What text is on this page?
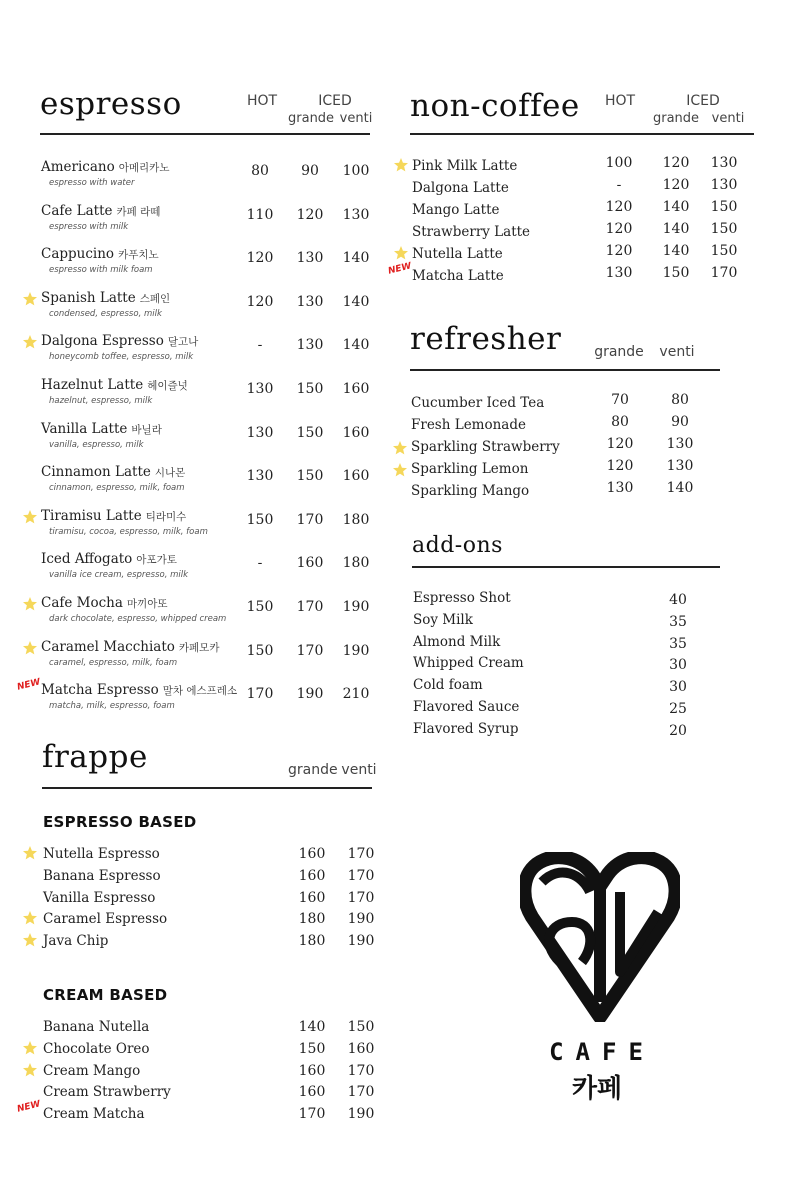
espresso	HOT	ICED
grande venti
Americano 아메리카노
espresso with water
80	90	100
Cafe Latte 카페 라떼
espresso with milk
110	120	130
Cappucino 카푸치노
espresso with milk foam
120	130	140
Spanish Latte 스페인
condensed, espresso, milk
120	130	140
Dalgona Espresso 달고나
honeycomb toffee, espresso, milk
-	130	140
Hazelnut Latte 헤이즐넛
hazelnut, espresso, milk
130	150	160
Vanilla Latte 바닐라
vanilla, espresso, milk
130	150	160
Cinnamon Latte 시나몬
cinnamon, espresso, milk, foam
130	150	160
Tiramisu Latte 티라미수
tiramisu, cocoa, espresso, milk, foam
150	170	180
Iced Affogato 아포가토
vanilla ice cream, espresso, milk
-	160	180
Cafe Mocha 마끼아또
dark chocolate, espresso, whipped cream
150	170	190
Caramel Macchiato 카페모카
caramel, espresso, milk, foam
150	170	190
Matcha Espresso 말차 에스프레소
matcha, milk, espresso, foam
170	190	210
NEW
frappe	grande venti
ESPRESSO BASED
Nutella Espresso	160	170
Banana Espresso	160	170
Vanilla Espresso	160	170
Caramel Espresso	180	190
Java Chip	180	190
CREAM BASED
Banana Nutella	140	150
Chocolate Oreo	150	160
Cream Mango	160	170
Cream Strawberry	160	170
Cream Matcha	170	190
NEW
non-coffee	HOT	ICED
grande venti
Pink Milk Latte	100	120	130
Dalgona Latte	-	120	130
Mango Latte	120	140	150
Strawberry Latte	120	140	150
Nutella Latte	120	140	150
Matcha Latte	130	150	170
NEW
refresher grande	venti
Cucumber Iced Tea	70	80
Fresh Lemonade	80	90
Sparkling Strawberry	120	130
Sparkling Lemon	120	130
Sparkling Mango	130	140
add-ons
Espresso Shot	40
Soy Milk	35
Almond Milk	35
Whipped Cream	30
Cold foam	30
Flavored Sauce	25
Flavored Syrup	20
CAFE
카페
